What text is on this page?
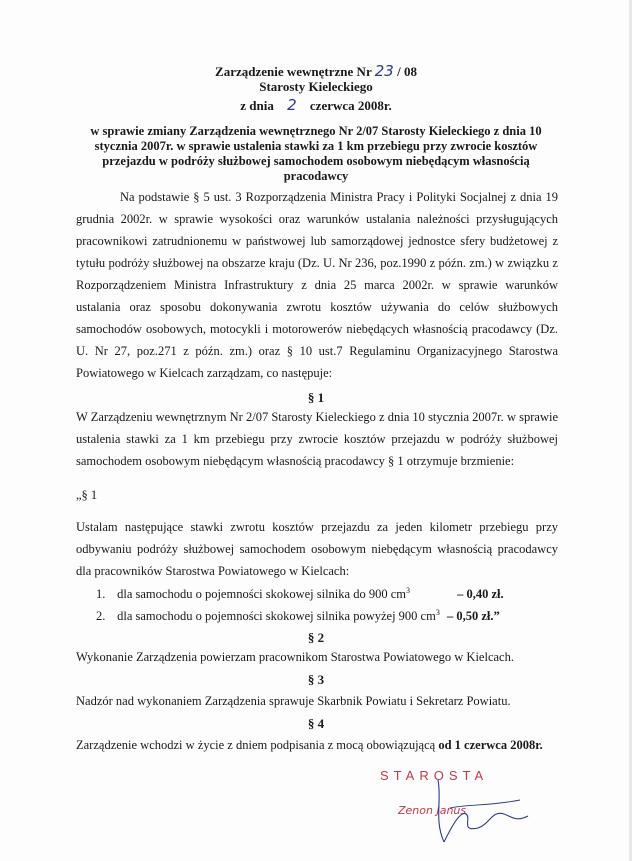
Zarządzenie wewnętrzne Nr 23 / 08
Starosty Kieleckiego
z dnia 2 czerwca 2008r.
w sprawie zmiany Zarządzenia wewnętrznego Nr 2/07 Starosty Kieleckiego z dnia 10 stycznia 2007r. w sprawie ustalenia stawki za 1 km przebiegu przy zwrocie kosztów przejazdu w podróży służbowej samochodem osobowym niebędącym własnością pracodawcy
Na podstawie § 5 ust. 3 Rozporządzenia Ministra Pracy i Polityki Socjalnej z dnia 19 grudnia 2002r. w sprawie wysokości oraz warunków ustalania należności przysługujących pracownikowi zatrudnionemu w państwowej lub samorządowej jednostce sfery budżetowej z tytułu podróży służbowej na obszarze kraju (Dz. U. Nr 236, poz.1990 z późn. zm.) w związku z Rozporządzeniem Ministra Infrastruktury z dnia 25 marca 2002r. w sprawie warunków ustalania oraz sposobu dokonywania zwrotu kosztów używania do celów służbowych samochodów osobowych, motocykli i motorowerów niebędących własnością pracodawcy (Dz. U. Nr 27, poz.271 z późn. zm.) oraz § 10 ust.7 Regulaminu Organizacyjnego Starostwa Powiatowego w Kielcach zarządzam, co następuje:
§ 1
W Zarządzeniu wewnętrznym Nr 2/07 Starosty Kieleckiego z dnia 10 stycznia 2007r. w sprawie ustalenia stawki za 1 km przebiegu przy zwrocie kosztów przejazdu w podróży służbowej samochodem osobowym niebędącym własnością pracodawcy § 1 otrzymuje brzmienie:
„§ 1
Ustalam następujące stawki zwrotu kosztów przejazdu za jeden kilometr przebiegu przy odbywaniu podróży służbowej samochodem osobowym niebędącym własnością pracodawcy dla pracowników Starostwa Powiatowego w Kielcach:
1. dla samochodu o pojemności skokowej silnika do 900 $cm^3$	– 0,40 zł.
2. dla samochodu o pojemności skokowej silnika powyżej 900 $cm^3 - 0,50$ zł.”
§ 2
Wykonanie Zarządzenia powierzam pracownikom Starostwa Powiatowego w Kielcach.
§ 3
Nadzór nad wykonaniem Zarządzenia sprawuje Skarbnik Powiatu i Sekretarz Powiatu.
§ 4
Zarządzenie wchodzi w życie z dniem podpisania z mocą obowiązującą od 1 czerwca 2008r.
STAROSTA
Zenon Janus
